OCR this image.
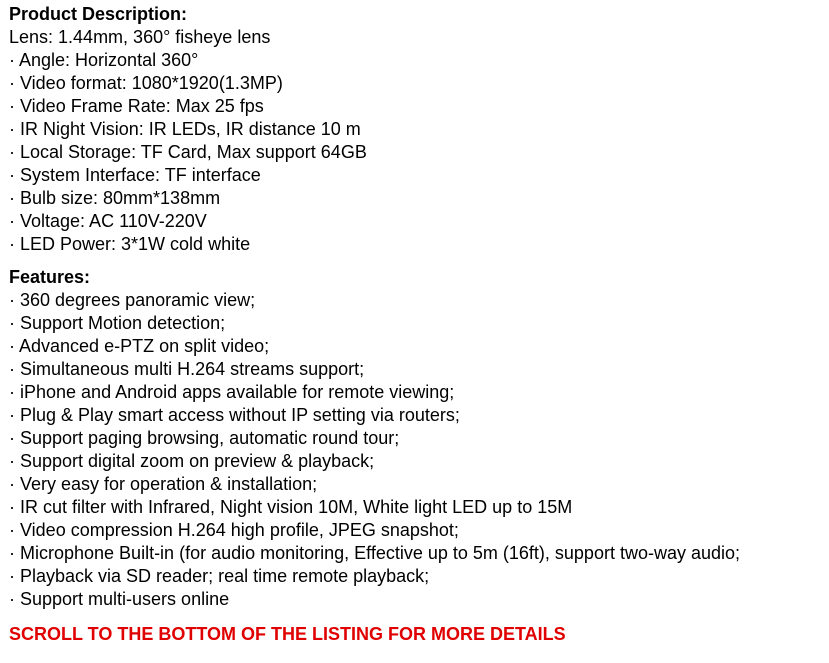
Product Description:
Lens: 1.44mm, 360° fisheye lens
· Angle: Horizontal 360°
· Video format: 1080*1920(1.3MP)
· Video Frame Rate: Max 25 fps
· IR Night Vision: IR LEDs, IR distance 10 m
· Local Storage: TF Card, Max support 64GB
· System Interface: TF interface
· Bulb size: 80mm*138mm
· Voltage: AC 110V-220V
· LED Power: 3*1W cold white
Features:
· 360 degrees panoramic view;
· Support Motion detection;
· Advanced e-PTZ on split video;
· Simultaneous multi H.264 streams support;
· iPhone and Android apps available for remote viewing;
· Plug & Play smart access without IP setting via routers;
· Support paging browsing, automatic round tour;
· Support digital zoom on preview & playback;
· Very easy for operation & installation;
· IR cut filter with Infrared, Night vision 10M, White light LED up to 15M
· Video compression H.264 high profile, JPEG snapshot;
· Microphone Built-in (for audio monitoring, Effective up to 5m (16ft), support two-way audio;
· Playback via SD reader; real time remote playback;
· Support multi-users online
SCROLL TO THE BOTTOM OF THE LISTING FOR MORE DETAILS
